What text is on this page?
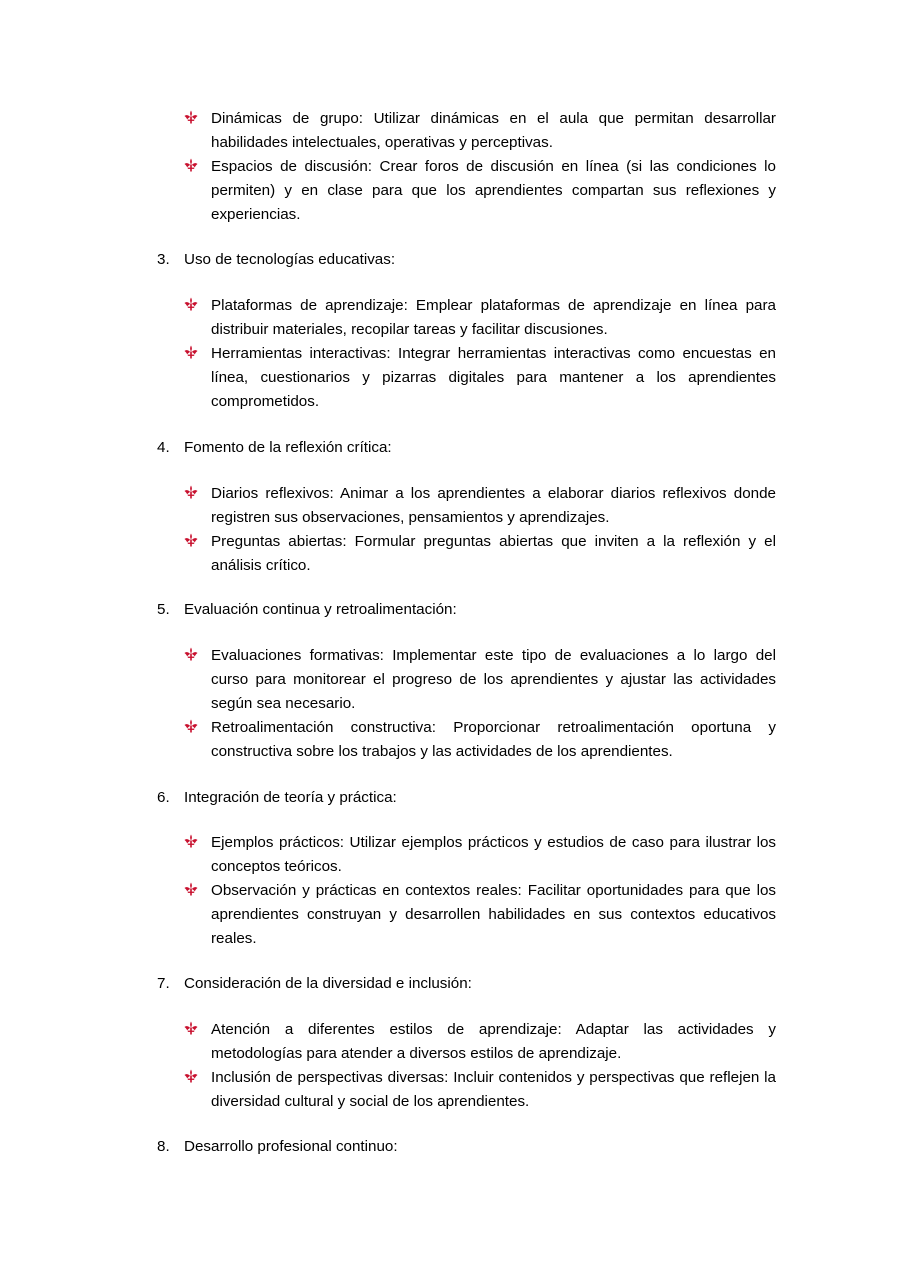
Dinámicas de grupo: Utilizar dinámicas en el aula que permitan desarrollar habilidades intelectuales, operativas y perceptivas.
Espacios de discusión: Crear foros de discusión en línea (si las condiciones lo permiten) y en clase para que los aprendientes compartan sus reflexiones y experiencias.
3. Uso de tecnologías educativas:
Plataformas de aprendizaje: Emplear plataformas de aprendizaje en línea para distribuir materiales, recopilar tareas y facilitar discusiones.
Herramientas interactivas: Integrar herramientas interactivas como encuestas en línea, cuestionarios y pizarras digitales para mantener a los aprendientes comprometidos.
4. Fomento de la reflexión crítica:
Diarios reflexivos: Animar a los aprendientes a elaborar diarios reflexivos donde registren sus observaciones, pensamientos y aprendizajes.
Preguntas abiertas: Formular preguntas abiertas que inviten a la reflexión y el análisis crítico.
5. Evaluación continua y retroalimentación:
Evaluaciones formativas: Implementar este tipo de evaluaciones a lo largo del curso para monitorear el progreso de los aprendientes y ajustar las actividades según sea necesario.
Retroalimentación constructiva: Proporcionar retroalimentación oportuna y constructiva sobre los trabajos y las actividades de los aprendientes.
6. Integración de teoría y práctica:
Ejemplos prácticos: Utilizar ejemplos prácticos y estudios de caso para ilustrar los conceptos teóricos.
Observación y prácticas en contextos reales: Facilitar oportunidades para que los aprendientes construyan y desarrollen habilidades en sus contextos educativos reales.
7. Consideración de la diversidad e inclusión:
Atención a diferentes estilos de aprendizaje: Adaptar las actividades y metodologías para atender a diversos estilos de aprendizaje.
Inclusión de perspectivas diversas: Incluir contenidos y perspectivas que reflejen la diversidad cultural y social de los aprendientes.
8. Desarrollo profesional continuo:
